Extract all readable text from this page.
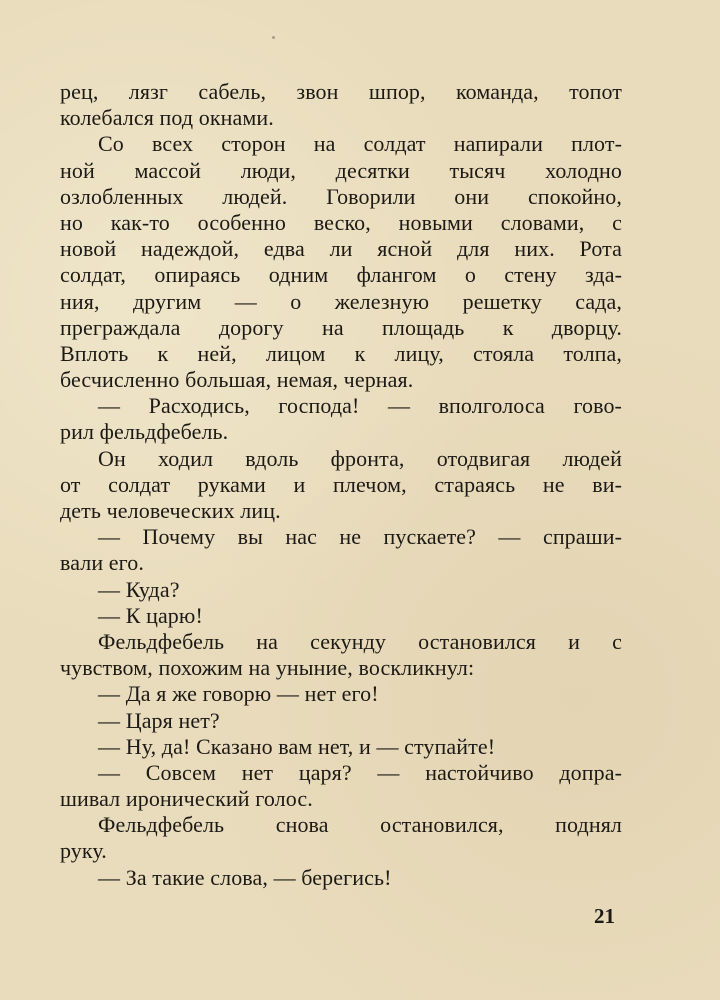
рец, лязг сабель, звон шпор, команда, топот
колебался под окнами.
Со всех сторон на солдат напирали плот-
ной массой люди, десятки тысяч холодно
озлобленных людей. Говорили они спокойно,
но как-то особенно веско, новыми словами, с
новой надеждой, едва ли ясной для них. Рота
солдат, опираясь одним флангом о стену зда-
ния, другим — о железную решетку сада,
преграждала дорогу на площадь к дворцу.
Вплоть к ней, лицом к лицу, стояла толпа,
бесчисленно большая, немая, черная.
— Расходись, господа! — вполголоса гово-
рил фельдфебель.
Он ходил вдоль фронта, отодвигая людей
от солдат руками и плечом, стараясь не ви-
деть человеческих лиц.
— Почему вы нас не пускаете? — спраши-
вали его.
— Куда?
— К царю!
Фельдфебель на секунду остановился и с
чувством, похожим на уныние, воскликнул:
— Да я же говорю — нет его!
— Царя нет?
— Ну, да! Сказано вам нет, и — ступайте!
— Совсем нет царя? — настойчиво допра-
шивал иронический голос.
Фельдфебель снова остановился, поднял
руку.
— За такие слова, — берегись!
21
